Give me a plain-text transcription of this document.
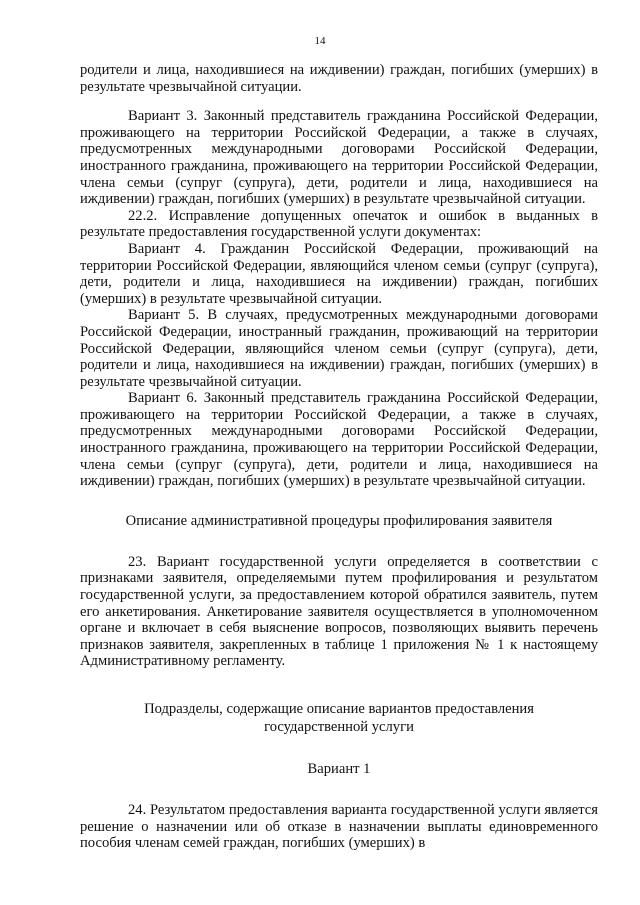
14

родители и лица, находившиеся на иждивении) граждан, погибших (умерших) в результате чрезвычайной ситуации.

Вариант 3. Законный представитель гражданина Российской Федерации, проживающего на территории Российской Федерации, а также в случаях, предусмотренных международными договорами Российской Федерации, иностранного гражданина, проживающего на территории Российской Федерации, члена семьи (супруг (супруга), дети, родители и лица, находившиеся на иждивении) граждан, погибших (умерших) в результате чрезвычайной ситуации.

22.2. Исправление допущенных опечаток и ошибок в выданных в результате предоставления государственной услуги документах:

Вариант 4. Гражданин Российской Федерации, проживающий на территории Российской Федерации, являющийся членом семьи (супруг (супруга), дети, родители и лица, находившиеся на иждивении) граждан, погибших (умерших) в результате чрезвычайной ситуации.

Вариант 5. В случаях, предусмотренных международными договорами Российской Федерации, иностранный гражданин, проживающий на территории Российской Федерации, являющийся членом семьи (супруг (супруга), дети, родители и лица, находившиеся на иждивении) граждан, погибших (умерших) в результате чрезвычайной ситуации.

Вариант 6. Законный представитель гражданина Российской Федерации, проживающего на территории Российской Федерации, а также в случаях, предусмотренных международными договорами Российской Федерации, иностранного гражданина, проживающего на территории Российской Федерации, члена семьи (супруг (супруга), дети, родители и лица, находившиеся на иждивении) граждан, погибших (умерших) в результате чрезвычайной ситуации.

Описание административной процедуры профилирования заявителя

23. Вариант государственной услуги определяется в соответствии с признаками заявителя, определяемыми путем профилирования и результатом государственной услуги, за предоставлением которой обратился заявитель, путем его анкетирования. Анкетирование заявителя осуществляется в уполномоченном органе и включает в себя выяснение вопросов, позволяющих выявить перечень признаков заявителя, закрепленных в таблице 1 приложения № 1 к настоящему Административному регламенту.

Подразделы, содержащие описание вариантов предоставления государственной услуги

Вариант 1

24. Результатом предоставления варианта государственной услуги является решение о назначении или об отказе в назначении выплаты единовременного пособия членам семей граждан, погибших (умерших) в
